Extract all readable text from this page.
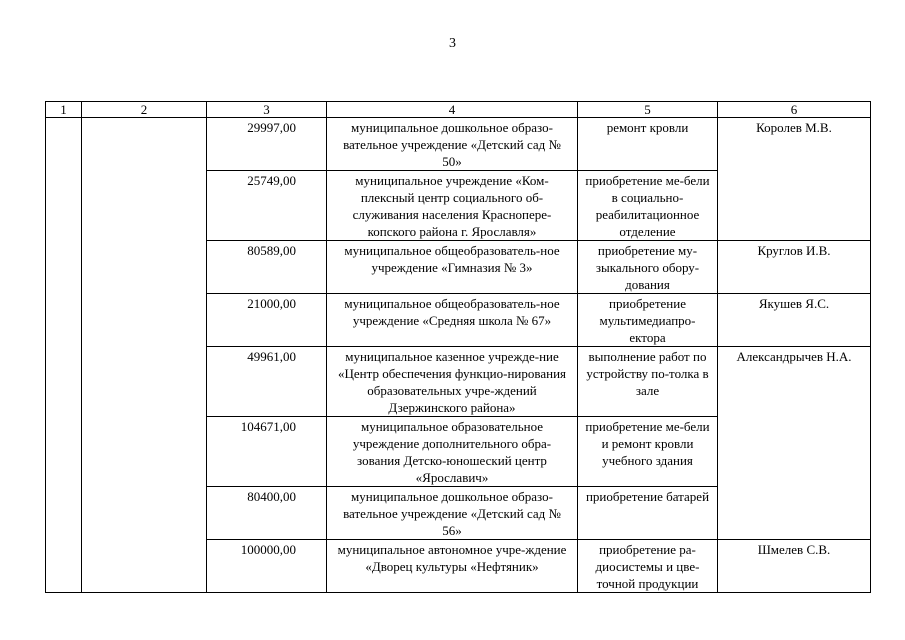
3
1	2	3	4	5	6
		29997,00	муниципальное дошкольное образо-вательное учреждение «Детский сад № 50»	ремонт кровли	Королев М.В.
		25749,00	муниципальное учреждение «Ком-плексный центр социального об-служивания населения Краснопере-копского района г. Ярославля»	приобретение ме-бели в социально-реабилитационное отделение	
		80589,00	муниципальное общеобразователь-ное учреждение «Гимназия № 3»	приобретение му-зыкального обору-дования	Круглов И.В.
		21000,00	муниципальное общеобразователь-ное учреждение «Средняя школа № 67»	приобретение мультимедиапро-ектора	Якушев Я.С.
		49961,00	муниципальное казенное учрежде-ние «Центр обеспечения функцио-нирования образовательных учре-ждений Дзержинского района»	выполнение работ по устройству по-толка в зале	Александрычев Н.А.
		104671,00	муниципальное образовательное учреждение дополнительного обра-зования Детско-юношеский центр «Ярославич»	приобретение ме-бели и ремонт кровли учебного здания	
		80400,00	муниципальное дошкольное образо-вательное учреждение «Детский сад № 56»	приобретение батарей	
		100000,00	муниципальное автономное учре-ждение «Дворец культуры «Нефтяник»	приобретение ра-диосистемы и цве-точной продукции	Шмелев С.В.
